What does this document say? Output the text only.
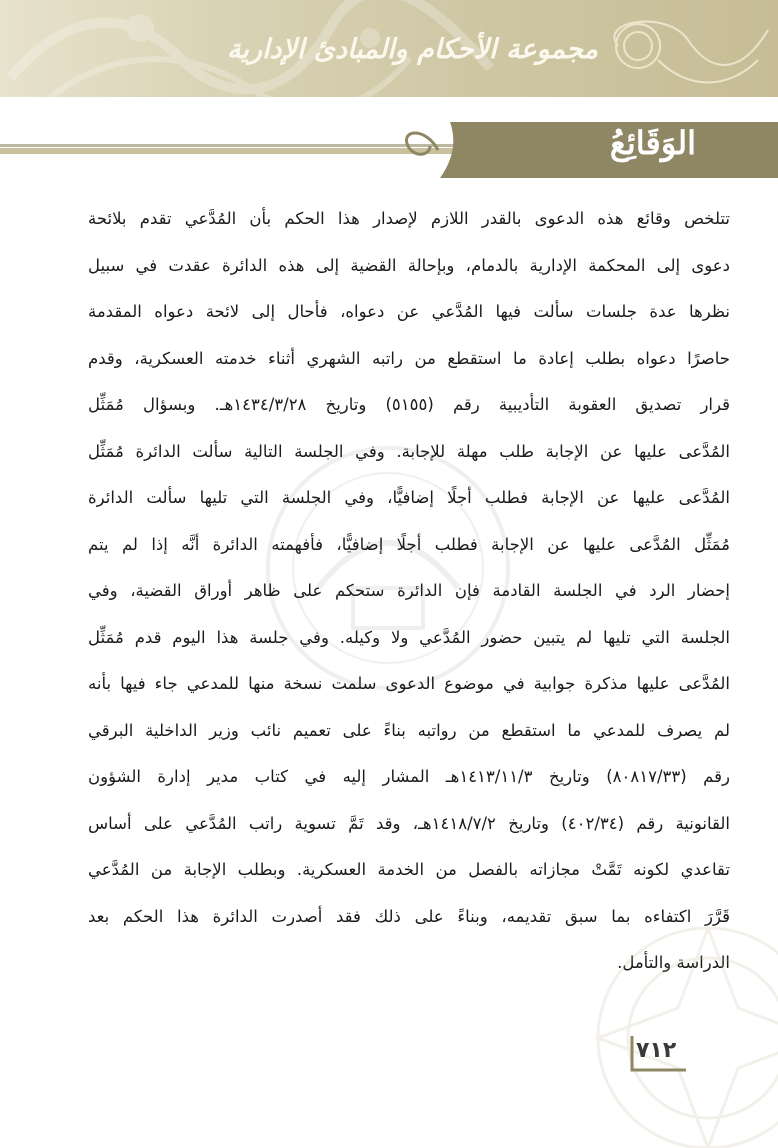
مجموعة الأحكام والمبادئ الإدارية
الوَقَائِعُ
تتلخص وقائع هذه الدعوى بالقدر اللازم لإصدار هذا الحكم بأن المُدَّعي تقدم بلائحة
دعوى إلى المحكمة الإدارية بالدمام، وبإحالة القضية إلى هذه الدائرة عقدت في سبيل
نظرها عدة جلسات سألت فيها المُدَّعي عن دعواه، فأحال إلى لائحة دعواه المقدمة
حاصرًا دعواه بطلب إعادة ما استقطع من راتبه الشهري أثناء خدمته العسكرية، وقدم
قرار تصديق العقوبة التأديبية رقم (٥١٥٥) وتاريخ ١٤٣٤/٣/٢٨هـ. وبسؤال مُمَثِّل
المُدَّعى عليها عن الإجابة طلب مهلة للإجابة. وفي الجلسة التالية سألت الدائرة مُمَثِّل
المُدَّعى عليها عن الإجابة فطلب أجلًا إضافيًّا، وفي الجلسة التي تليها سألت الدائرة
مُمَثِّل المُدَّعى عليها عن الإجابة فطلب أجلًا إضافيًّا، فأفهمته الدائرة أنَّه إذا لم يتم
إحضار الرد في الجلسة القادمة فإن الدائرة ستحكم على ظاهر أوراق القضية، وفي
الجلسة التي تليها لم يتبين حضور المُدَّعي ولا وكيله. وفي جلسة هذا اليوم قدم مُمَثِّل
المُدَّعى عليها مذكرة جوابية في موضوع الدعوى سلمت نسخة منها للمدعي جاء فيها بأنه
لم يصرف للمدعي ما استقطع من رواتبه بناءً على تعميم نائب وزير الداخلية البرقي
رقم (٨٠٨١٧/٣٣) وتاريخ ١٤١٣/١١/٣هـ المشار إليه في كتاب مدير إدارة الشؤون
القانونية رقم (٤٠٢/٣٤) وتاريخ ١٤١٨/٧/٢هـ، وقد تَمَّ تسوية راتب المُدَّعي على أساس
تقاعدي لكونه تَمَّتْ مجازاته بالفصل من الخدمة العسكرية. وبطلب الإجابة من المُدَّعي
قَرَّرَ اكتفاءه بما سبق تقديمه، وبناءً على ذلك فقد أصدرت الدائرة هذا الحكم بعد
الدراسة والتأمل.
٧١٢
